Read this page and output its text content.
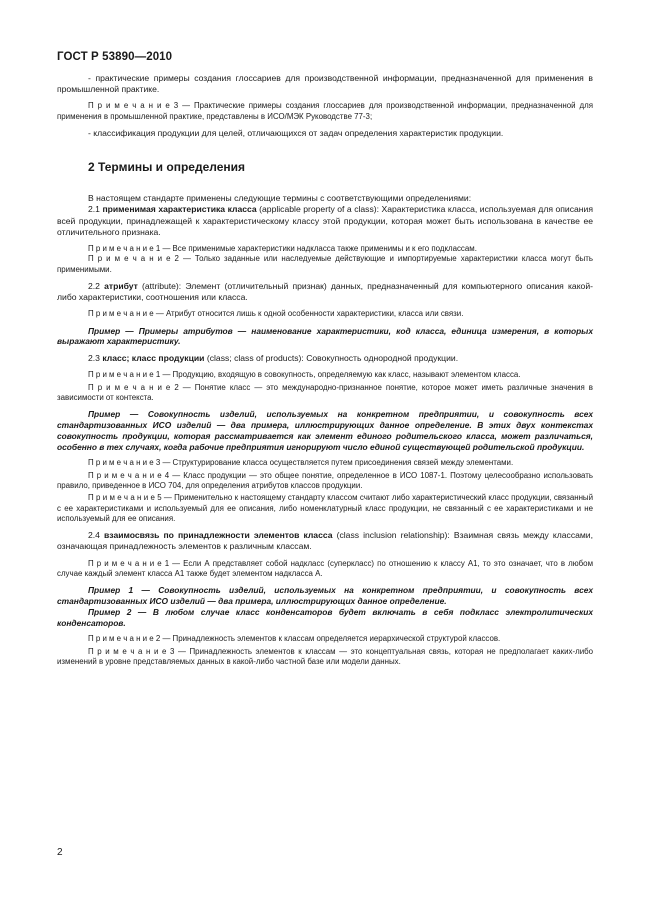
ГОСТ Р 53890—2010

- практические примеры создания глоссариев для производственной информации, предназначенной для применения в промышленной практике.

П р и м е ч а н и е 3 — Практические примеры создания глоссариев для производственной информации, предназначенной для применения в промышленной практике, представлены в ИСО/МЭК Руководстве 77-3;

- классификация продукции для целей, отличающихся от задач определения характеристик продукции.

2 Термины и определения

В настоящем стандарте применены следующие термины с соответствующими определениями:

2.1 применимая характеристика класса (applicable property of a class): Характеристика класса, используемая для описания всей продукции, принадлежащей к характеристическому классу этой продукции, которая может быть использована в качестве ее отличительного признака.

П р и м е ч а н и е 1 — Все применимые характеристики надкласса также применимы и к его подклассам.

П р и м е ч а н и е 2 — Только заданные или наследуемые действующие и импортируемые характеристики класса могут быть применимыми.

2.2 атрибут (attribute): Элемент (отличительный признак) данных, предназначенный для компьютерного описания какой-либо характеристики, соотношения или класса.

П р и м е ч а н и е — Атрибут относится лишь к одной особенности характеристики, класса или связи.

Пример — Примеры атрибутов — наименование характеристики, код класса, единица измерения, в которых выражают характеристику.

2.3 класс; класс продукции (class; class of products): Совокупность однородной продукции.

П р и м е ч а н и е 1 — Продукцию, входящую в совокупность, определяемую как класс, называют элементом класса.

П р и м е ч а н и е 2 — Понятие класс — это международно-признанное понятие, которое может иметь различные значения в зависимости от контекста.

Пример — Совокупность изделий, используемых на конкретном предприятии, и совокупность всех стандартизованных ИСО изделий — два примера, иллюстрирующих данное определение. В этих двух контекстах совокупность продукции, которая рассматривается как элемент единого родительского класса, может различаться, особенно в тех случаях, когда рабочие предприятия игнорируют число единой существующей родительской продукции.

П р и м е ч а н и е 3 — Структурирование класса осуществляется путем присоединения связей между элементами.

П р и м е ч а н и е 4 — Класс продукции — это общее понятие, определенное в ИСО 1087-1. Поэтому целесообразно использовать правило, приведенное в ИСО 704, для определения атрибутов классов продукции.

П р и м е ч а н и е 5 — Применительно к настоящему стандарту классом считают либо характеристический класс продукции, связанный с ее характеристиками и используемый для ее описания, либо номенклатурный класс продукции, не связанный с ее характеристиками и не используемый для ее описания.

2.4 взаимосвязь по принадлежности элементов класса (class inclusion relationship): Взаимная связь между классами, означающая принадлежность элементов к различным классам.

П р и м е ч а н и е 1 — Если А представляет собой надкласс (суперкласс) по отношению к классу А1, то это означает, что в любом случае каждый элемент класса А1 также будет элементом надкласса А.

Пример 1 — Совокупность изделий, используемых на конкретном предприятии, и совокупность всех стандартизованных ИСО изделий — два примера, иллюстрирующих данное определение.

Пример 2 — В любом случае класс конденсаторов будет включать в себя подкласс электролитических конденсаторов.

П р и м е ч а н и е 2 — Принадлежность элементов к классам определяется иерархической структурой классов.

П р и м е ч а н и е 3 — Принадлежность элементов к классам — это концептуальная связь, которая не предполагает каких-либо изменений в уровне представляемых данных в какой-либо частной базе или модели данных.

2
